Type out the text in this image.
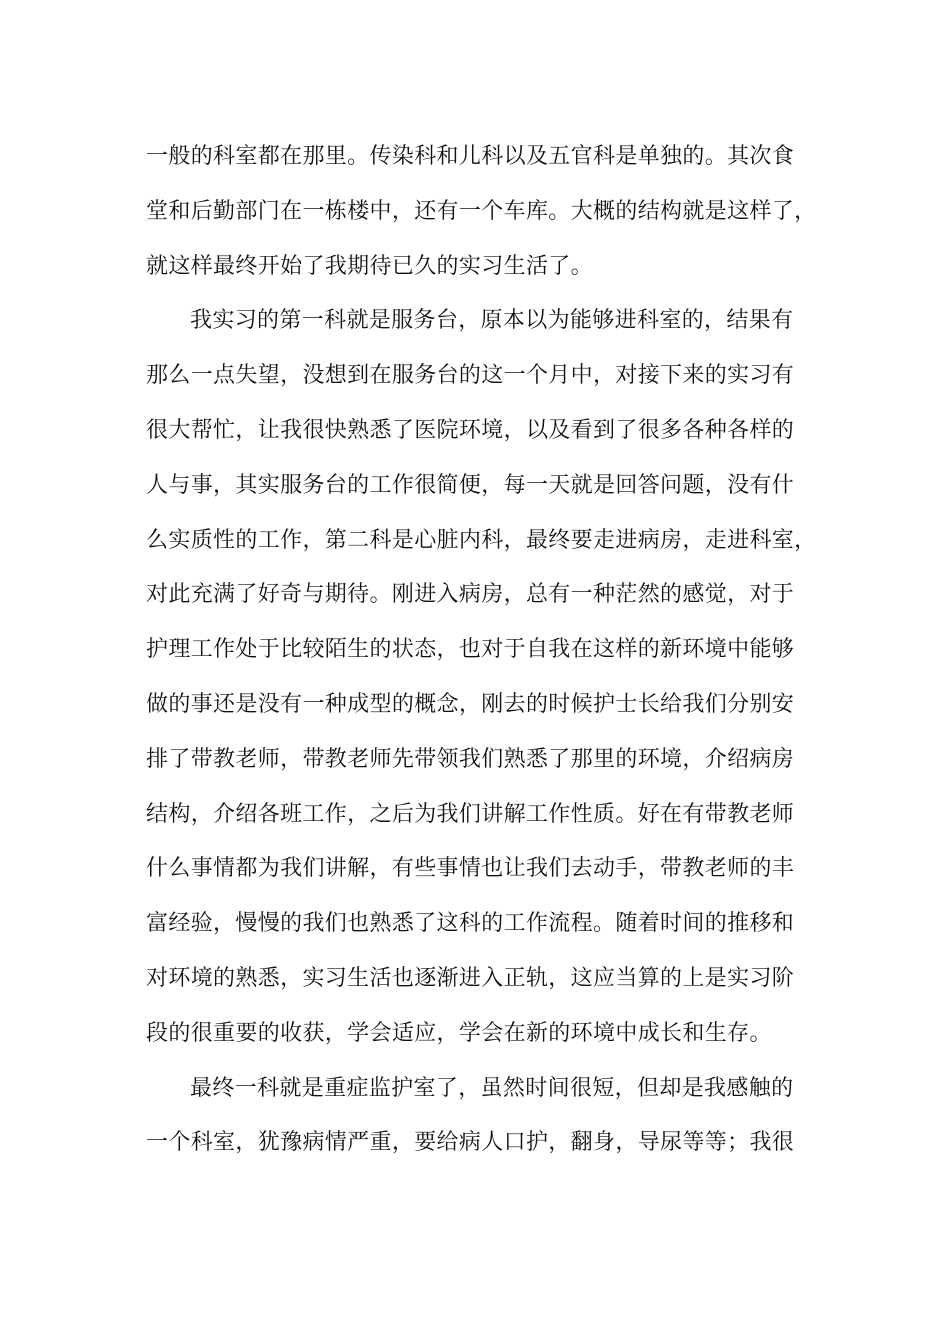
一般的科室都在那里。传染科和儿科以及五官科是单独的。其次食
堂和后勤部门在一栋楼中，还有一个车库。大概的结构就是这样了，
就这样最终开始了我期待已久的实习生活了。
我实习的第一科就是服务台，原本以为能够进科室的，结果有
那么一点失望，没想到在服务台的这一个月中，对接下来的实习有
很大帮忙，让我很快熟悉了医院环境，以及看到了很多各种各样的
人与事，其实服务台的工作很简便，每一天就是回答问题，没有什
么实质性的工作，第二科是心脏内科，最终要走进病房，走进科室，
对此充满了好奇与期待。刚进入病房，总有一种茫然的感觉，对于
护理工作处于比较陌生的状态，也对于自我在这样的新环境中能够
做的事还是没有一种成型的概念，刚去的时候护士长给我们分别安
排了带教老师，带教老师先带领我们熟悉了那里的环境，介绍病房
结构，介绍各班工作，之后为我们讲解工作性质。好在有带教老师
什么事情都为我们讲解，有些事情也让我们去动手，带教老师的丰
富经验，慢慢的我们也熟悉了这科的工作流程。随着时间的推移和
对环境的熟悉，实习生活也逐渐进入正轨，这应当算的上是实习阶
段的很重要的收获，学会适应，学会在新的环境中成长和生存。
最终一科就是重症监护室了，虽然时间很短，但却是我感触的
一个科室，犹豫病情严重，要给病人口护，翻身，导尿等等；我很
